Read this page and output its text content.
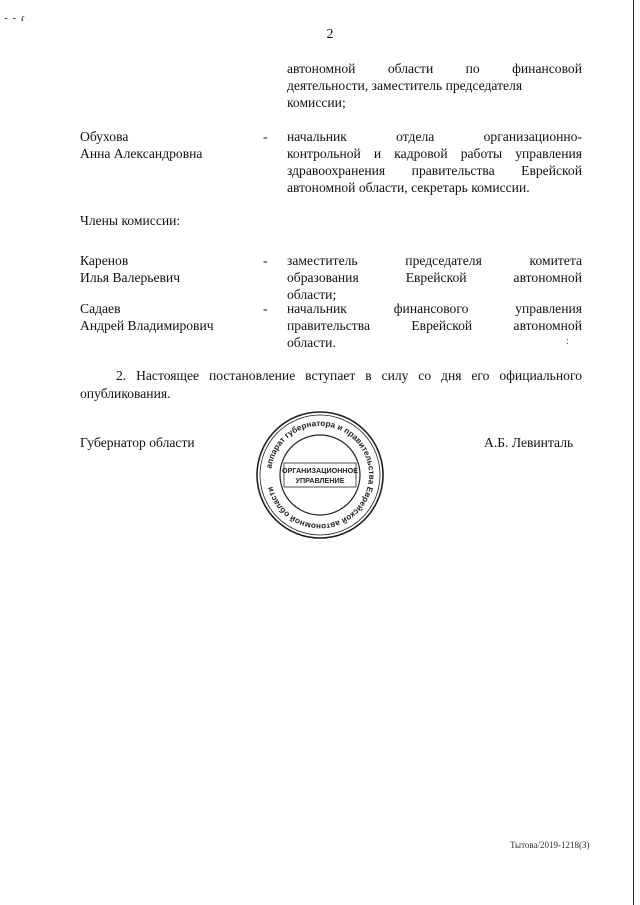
- - ɾ
2
автономной области по финансовой
деятельности, заместитель председателя
комиссии;
Обухова
Анна Александровна
- начальник отдела организационно-
контрольной и кадровой работы управления
здравоохранения правительства Еврейской
автономной области, секретарь комиссии.
Члены комиссии:
Каренов
Илья Валерьевич
- заместитель председателя комитета
образования Еврейской автономной
области;
Садаев
Андрей Владимирович
- начальник финансового управления
правительства Еврейской автономной
области.	:
2. Настоящее постановление вступает в силу со дня его официального
опубликования.
Губернатор области	А.Б. Левинталь
аппарат губернатора и правительства Еврейской автономной области
ОРГАНИЗАЦИОННОЕ
УПРАВЛЕНИЕ
Тытова/2019-1218(3)
